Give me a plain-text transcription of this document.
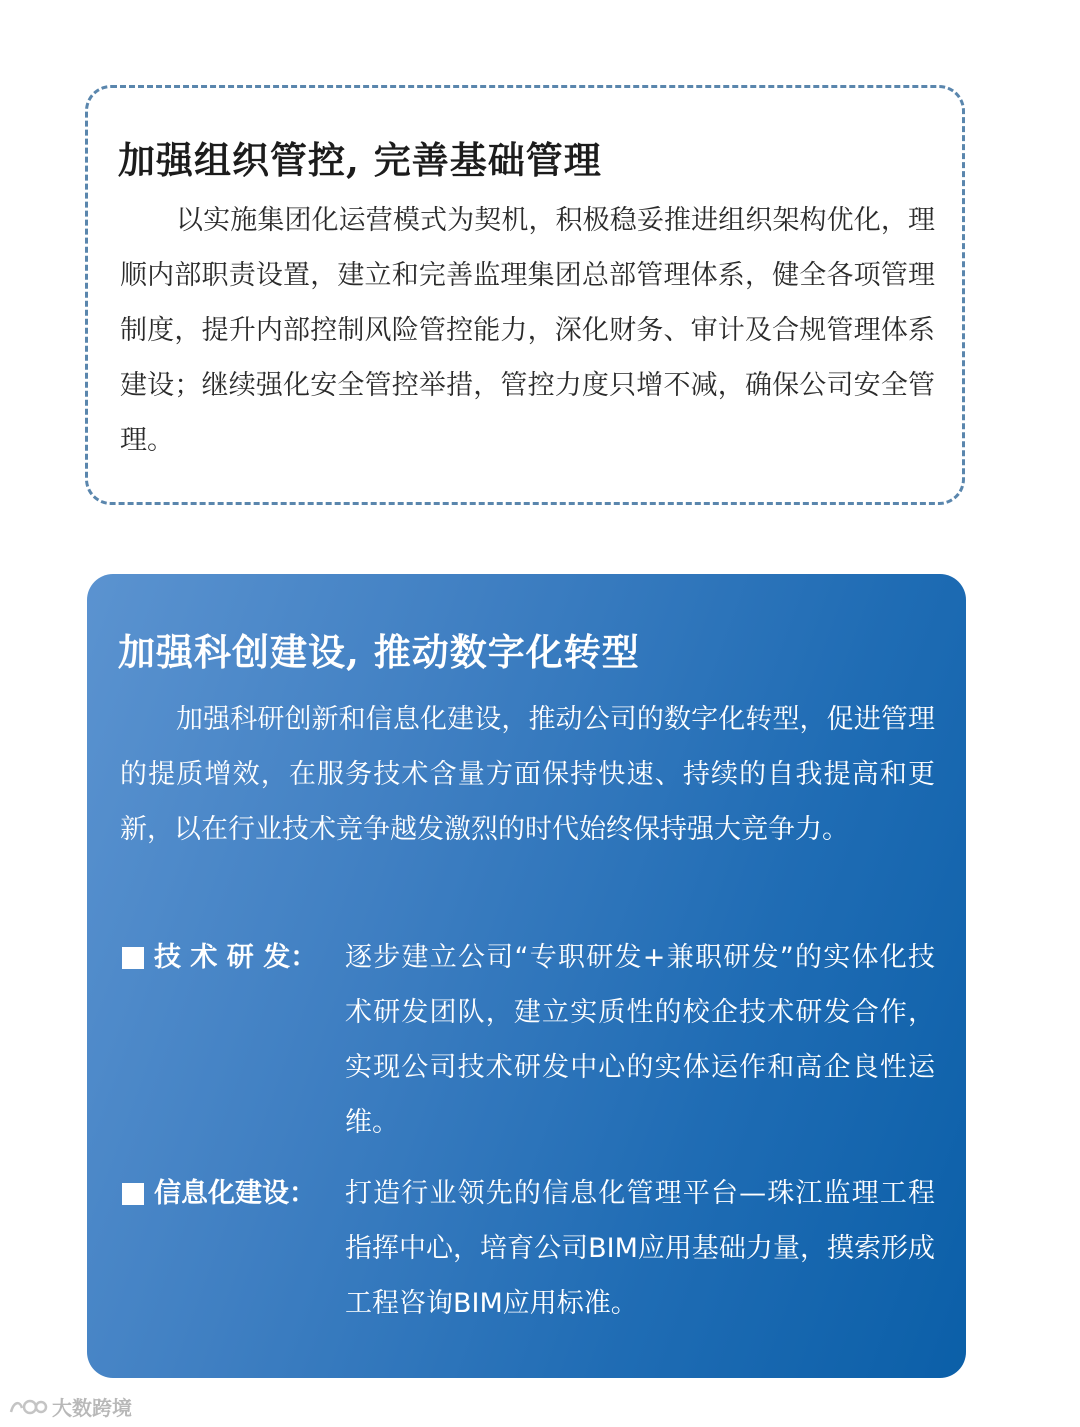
加强组织管控, 完善基础管理

以实施集团化运营模式为契机，积极稳妥推进组织架构优化，理顺内部职责设置，建立和完善监理集团总部管理体系，健全各项管理制度，提升内部控制风险管控能力，深化财务、审计及合规管理体系建设；继续强化安全管控举措，管控力度只增不减，确保公司安全管理。

加强科创建设, 推动数字化转型

加强科研创新和信息化建设，推动公司的数字化转型，促进管理的提质增效，在服务技术含量方面保持快速、持续的自我提高和更新，以在行业技术竞争越发激烈的时代始终保持强大竞争力。

技 术 研 发： 逐步建立公司“专职研发+兼职研发”的实体化技术研发团队，建立实质性的校企技术研发合作，实现公司技术研发中心的实体运作和高企良性运维。

信息化建设： 打造行业领先的信息化管理平台—珠江监理工程指挥中心，培育公司BIM应用基础力量，摸索形成工程咨询BIM应用标准。

大数跨境
